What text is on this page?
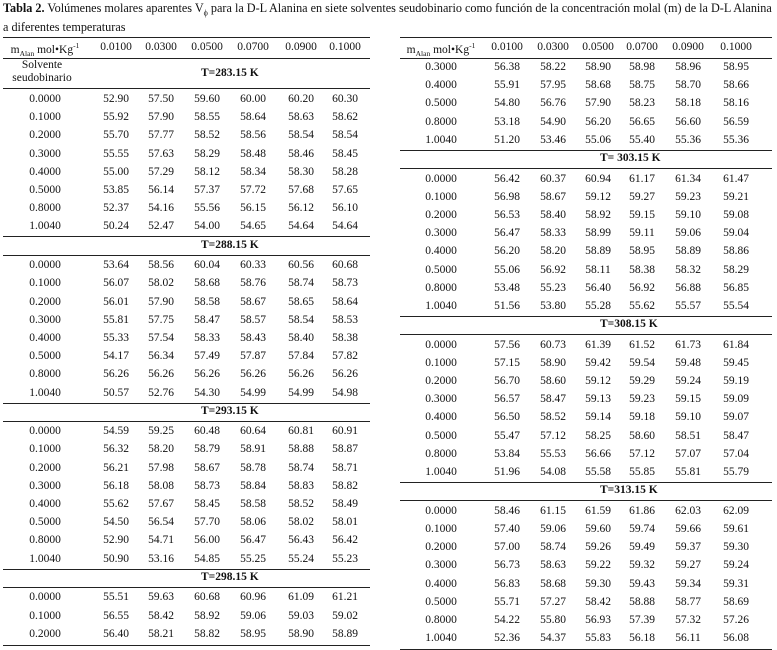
Tabla 2. Volúmenes molares aparentes $V_\phi$ para la D-L Alanina en siete solventes seudobinario como función de la concentración molal (m) de la D-L Alanina a diferentes temperaturas
$m_{Alan}$ $mol•Kg^{-1}$	0.0100	0.0300	0.0500	0.0700	0.0900	0.1000
Solvente
seudobinario	T=283.15 K
0.0000	52.90	57.50	59.60	60.00	60.20	60.30
0.1000	55.92	57.90	58.55	58.64	58.63	58.62
0.2000	55.70	57.77	58.52	58.56	58.54	58.54
0.3000	55.55	57.63	58.29	58.48	58.46	58.45
0.4000	55.00	57.29	58.12	58.34	58.30	58.28
0.5000	53.85	56.14	57.37	57.72	57.68	57.65
0.8000	52.37	54.16	55.56	56.15	56.12	56.10
1.0040	50.24	52.47	54.00	54.65	54.64	54.64
T=288.15 K
0.0000	53.64	58.56	60.04	60.33	60.56	60.68
0.1000	56.07	58.02	58.68	58.76	58.74	58.73
0.2000	56.01	57.90	58.58	58.67	58.65	58.64
0.3000	55.81	57.75	58.47	58.57	58.54	58.53
0.4000	55.33	57.54	58.33	58.43	58.40	58.38
0.5000	54.17	56.34	57.49	57.87	57.84	57.82
0.8000	56.26	56.26	56.26	56.26	56.26	56.26
1.0040	50.57	52.76	54.30	54.99	54.99	54.98
T=293.15 K
0.0000	54.59	59.25	60.48	60.64	60.81	60.91
0.1000	56.32	58.20	58.79	58.91	58.88	58.87
0.2000	56.21	57.98	58.67	58.78	58.74	58.71
0.3000	56.18	58.08	58.73	58.84	58.83	58.82
0.4000	55.62	57.67	58.45	58.58	58.52	58.49
0.5000	54.50	56.54	57.70	58.06	58.02	58.01
0.8000	52.90	54.71	56.00	56.47	56.43	56.42
1.0040	50.90	53.16	54.85	55.25	55.24	55.23
T=298.15 K
0.0000	55.51	59.63	60.68	60.96	61.09	61.21
0.1000	56.55	58.42	58.92	59.06	59.03	59.02
0.2000	56.40	58.21	58.82	58.95	58.90	58.89
$m_{Alan}$ $mol•Kg^{-1}$	0.0100	0.0300	0.0500	0.0700	0.0900	0.1000
0.3000	56.38	58.22	58.90	58.98	58.96	58.95
0.4000	55.91	57.95	58.68	58.75	58.70	58.66
0.5000	54.80	56.76	57.90	58.23	58.18	58.16
0.8000	53.18	54.90	56.20	56.65	56.60	56.59
1.0040	51.20	53.46	55.06	55.40	55.36	55.36
T= 303.15 K
0.0000	56.42	60.37	60.94	61.17	61.34	61.47
0.1000	56.98	58.67	59.12	59.27	59.23	59.21
0.2000	56.53	58.40	58.92	59.15	59.10	59.08
0.3000	56.47	58.33	58.99	59.11	59.06	59.04
0.4000	56.20	58.20	58.89	58.95	58.89	58.86
0.5000	55.06	56.92	58.11	58.38	58.32	58.29
0.8000	53.48	55.23	56.40	56.92	56.88	56.85
1.0040	51.56	53.80	55.28	55.62	55.57	55.54
T=308.15 K
0.0000	57.56	60.73	61.39	61.52	61.73	61.84
0.1000	57.15	58.90	59.42	59.54	59.48	59.45
0.2000	56.70	58.60	59.12	59.29	59.24	59.19
0.3000	56.57	58.47	59.13	59.23	59.15	59.09
0.4000	56.50	58.52	59.14	59.18	59.10	59.07
0.5000	55.47	57.12	58.25	58.60	58.51	58.47
0.8000	53.84	55.53	56.66	57.12	57.07	57.04
1.0040	51.96	54.08	55.58	55.85	55.81	55.79
T=313.15 K
0.0000	58.46	61.15	61.59	61.86	62.03	62.09
0.1000	57.40	59.06	59.60	59.74	59.66	59.61
0.2000	57.00	58.74	59.26	59.49	59.37	59.30
0.3000	56.73	58.63	59.22	59.32	59.27	59.24
0.4000	56.83	58.68	59.30	59.43	59.34	59.31
0.5000	55.71	57.27	58.42	58.88	58.77	58.69
0.8000	54.22	55.80	56.93	57.39	57.32	57.26
1.0040	52.36	54.37	55.83	56.18	56.11	56.08
